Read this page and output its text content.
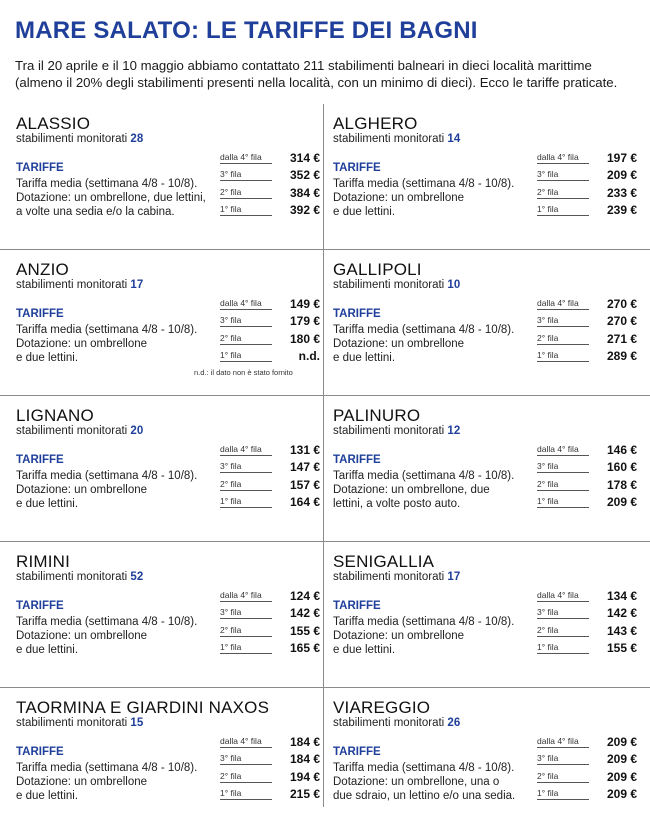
MARE SALATO: LE TARIFFE DEI BAGNI

Tra il 20 aprile e il 10 maggio abbiamo contattato 211 stabilimenti balneari in dieci località marittime (almeno il 20% degli stabilimenti presenti nella località, con un minimo di dieci). Ecco le tariffe praticate.

ALASSIO
stabilimenti monitorati 28
TARIFFE
Tariffa media (settimana 4/8 - 10/8).
Dotazione: un ombrellone, due lettini,
a volte una sedia e/o la cabina.
dalla 4° fila	314 €
3° fila	352 €
2° fila	384 €
1° fila	392 €
ALGHERO
stabilimenti monitorati 14
TARIFFE
Tariffa media (settimana 4/8 - 10/8).
Dotazione: un ombrellone
e due lettini.
dalla 4° fila	197 €
3° fila	209 €
2° fila	233 €
1° fila	239 €
ANZIO
stabilimenti monitorati 17
TARIFFE
Tariffa media (settimana 4/8 - 10/8).
Dotazione: un ombrellone
e due lettini.
dalla 4° fila	149 €
3° fila	179 €
2° fila	180 €
1° fila	n.d.
n.d.: il dato non è stato fornito
GALLIPOLI
stabilimenti monitorati 10
TARIFFE
Tariffa media (settimana 4/8 - 10/8).
Dotazione: un ombrellone
e due lettini.
dalla 4° fila	270 €
3° fila	270 €
2° fila	271 €
1° fila	289 €
LIGNANO
stabilimenti monitorati 20
TARIFFE
Tariffa media (settimana 4/8 - 10/8).
Dotazione: un ombrellone
e due lettini.
dalla 4° fila	131 €
3° fila	147 €
2° fila	157 €
1° fila	164 €
PALINURO
stabilimenti monitorati 12
TARIFFE
Tariffa media (settimana 4/8 - 10/8).
Dotazione: un ombrellone, due
lettini, a volte posto auto.
dalla 4° fila	146 €
3° fila	160 €
2° fila	178 €
1° fila	209 €
RIMINI
stabilimenti monitorati 52
TARIFFE
Tariffa media (settimana 4/8 - 10/8).
Dotazione: un ombrellone
e due lettini.
dalla 4° fila	124 €
3° fila	142 €
2° fila	155 €
1° fila	165 €
SENIGALLIA
stabilimenti monitorati 17
TARIFFE
Tariffa media (settimana 4/8 - 10/8).
Dotazione: un ombrellone
e due lettini.
dalla 4° fila	134 €
3° fila	142 €
2° fila	143 €
1° fila	155 €
TAORMINA E GIARDINI NAXOS
stabilimenti monitorati 15
TARIFFE
Tariffa media (settimana 4/8 - 10/8).
Dotazione: un ombrellone
e due lettini.
dalla 4° fila	184 €
3° fila	184 €
2° fila	194 €
1° fila	215 €
VIAREGGIO
stabilimenti monitorati 26
TARIFFE
Tariffa media (settimana 4/8 - 10/8).
Dotazione: un ombrellone, una o
due sdraio, un lettino e/o una sedia.
dalla 4° fila	209 €
3° fila	209 €
2° fila	209 €
1° fila	209 €
